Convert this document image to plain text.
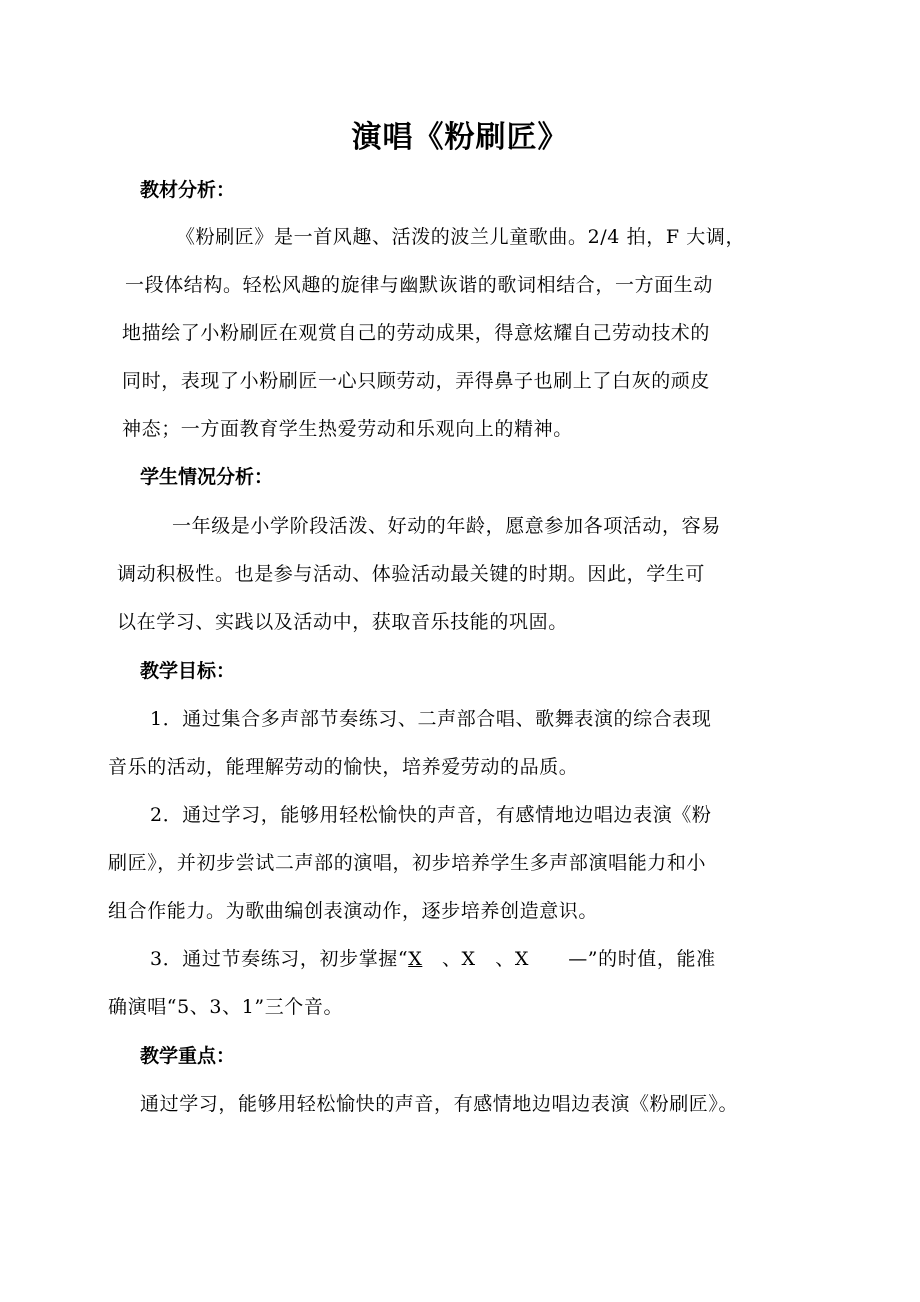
演唱《粉刷匠》
教材分析：
《粉刷匠》是一首风趣、活泼的波兰儿童歌曲。2/4 拍，F 大调，
一段体结构。轻松风趣的旋律与幽默诙谐的歌词相结合，一方面生动
地描绘了小粉刷匠在观赏自己的劳动成果，得意炫耀自己劳动技术的
同时，表现了小粉刷匠一心只顾劳动，弄得鼻子也刷上了白灰的顽皮
神态；一方面教育学生热爱劳动和乐观向上的精神。
学生情况分析：
一年级是小学阶段活泼、好动的年龄，愿意参加各项活动，容易
调动积极性。也是参与活动、体验活动最关键的时期。因此，学生可
以在学习、实践以及活动中，获取音乐技能的巩固。
教学目标：
1．通过集合多声部节奏练习、二声部合唱、歌舞表演的综合表现
音乐的活动，能理解劳动的愉快，培养爱劳动的品质。
2．通过学习，能够用轻松愉快的声音，有感情地边唱边表演《粉
刷匠》，并初步尝试二声部的演唱，初步培养学生多声部演唱能力和小
组合作能力。为歌曲编创表演动作，逐步培养创造意识。
3．通过节奏练习，初步掌握“X　、X　、X　　—”的时值，能准
确演唱“5、3、1”三个音。
教学重点：
通过学习，能够用轻松愉快的声音，有感情地边唱边表演《粉刷匠》。
